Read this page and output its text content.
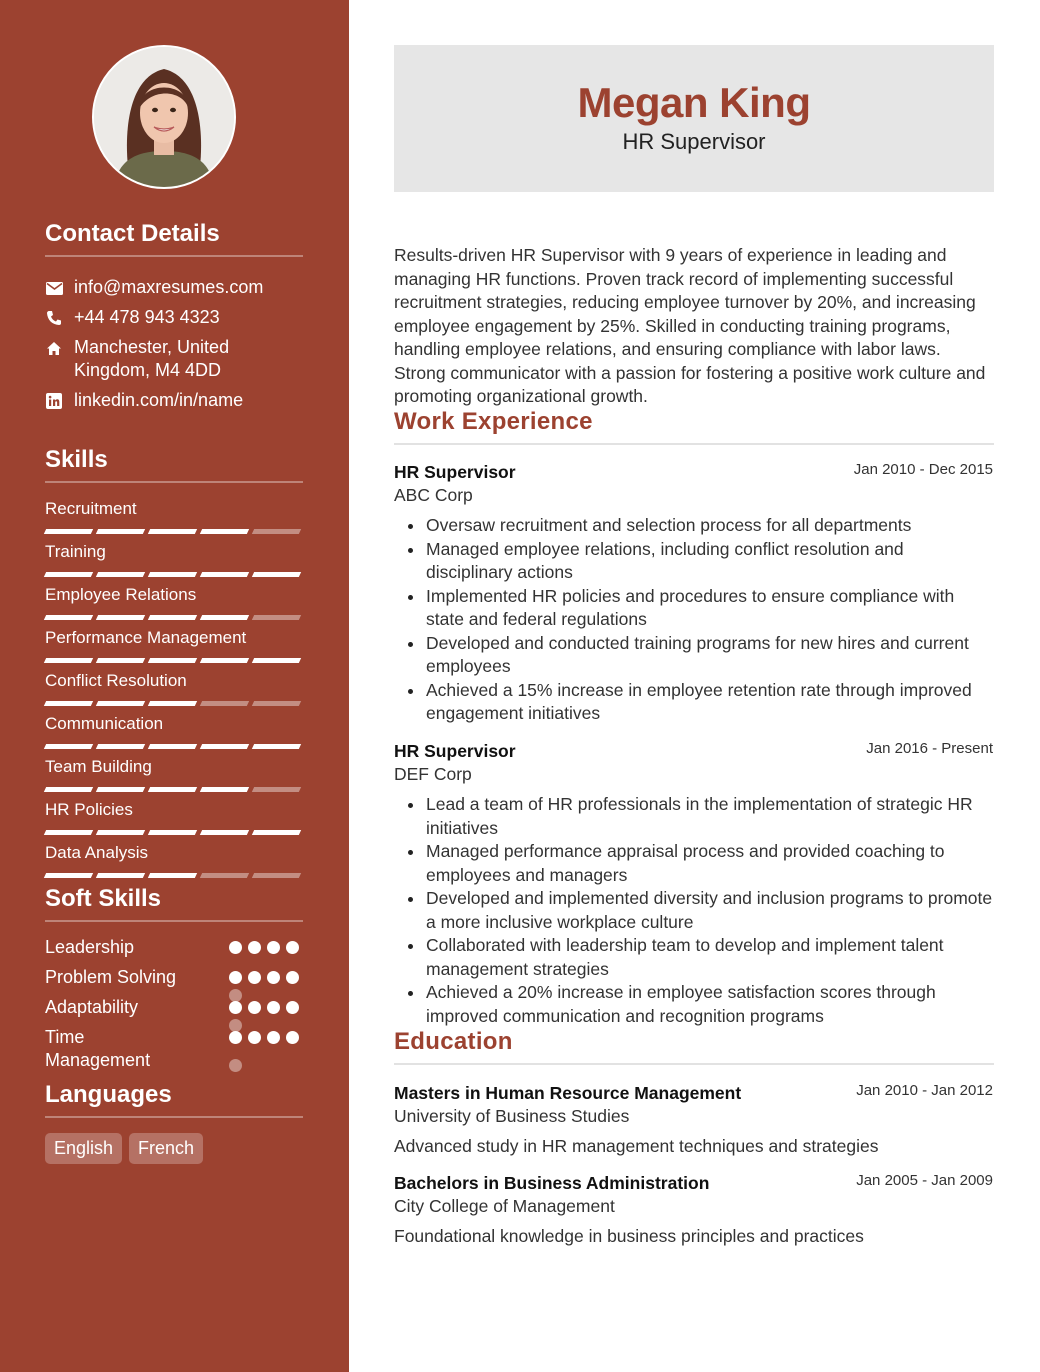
Contact Details
info@maxresumes.com
+44 478 943 4323
Manchester, United Kingdom, M4 4DD
linkedin.com/in/name
Skills
Recruitment
Training
Employee Relations
Performance Management
Conflict Resolution
Communication
Team Building
HR Policies
Data Analysis
Soft Skills
Leadership
Problem Solving
Adaptability
Time Management
Languages
English	French
Megan King
HR Supervisor

Results-driven HR Supervisor with 9 years of experience in leading and managing HR functions. Proven track record of implementing successful recruitment strategies, reducing employee turnover by 20%, and increasing employee engagement by 25%. Skilled in conducting training programs, handling employee relations, and ensuring compliance with labor laws. Strong communicator with a passion for fostering a positive work culture and promoting organizational growth.

Work Experience
HR Supervisor	Jan 2010 - Dec 2015
ABC Corp
Oversaw recruitment and selection process for all departments
Managed employee relations, including conflict resolution and disciplinary actions
Implemented HR policies and procedures to ensure compliance with state and federal regulations
Developed and conducted training programs for new hires and current employees
Achieved a 15% increase in employee retention rate through improved engagement initiatives
HR Supervisor	Jan 2016 - Present
DEF Corp
Lead a team of HR professionals in the implementation of strategic HR initiatives
Managed performance appraisal process and provided coaching to employees and managers
Developed and implemented diversity and inclusion programs to promote a more inclusive workplace culture
Collaborated with leadership team to develop and implement talent management strategies
Achieved a 20% increase in employee satisfaction scores through improved communication and recognition programs
Education
Masters in Human Resource Management	Jan 2010 - Jan 2012
University of Business Studies
Advanced study in HR management techniques and strategies
Bachelors in Business Administration	Jan 2005 - Jan 2009
City College of Management
Foundational knowledge in business principles and practices
